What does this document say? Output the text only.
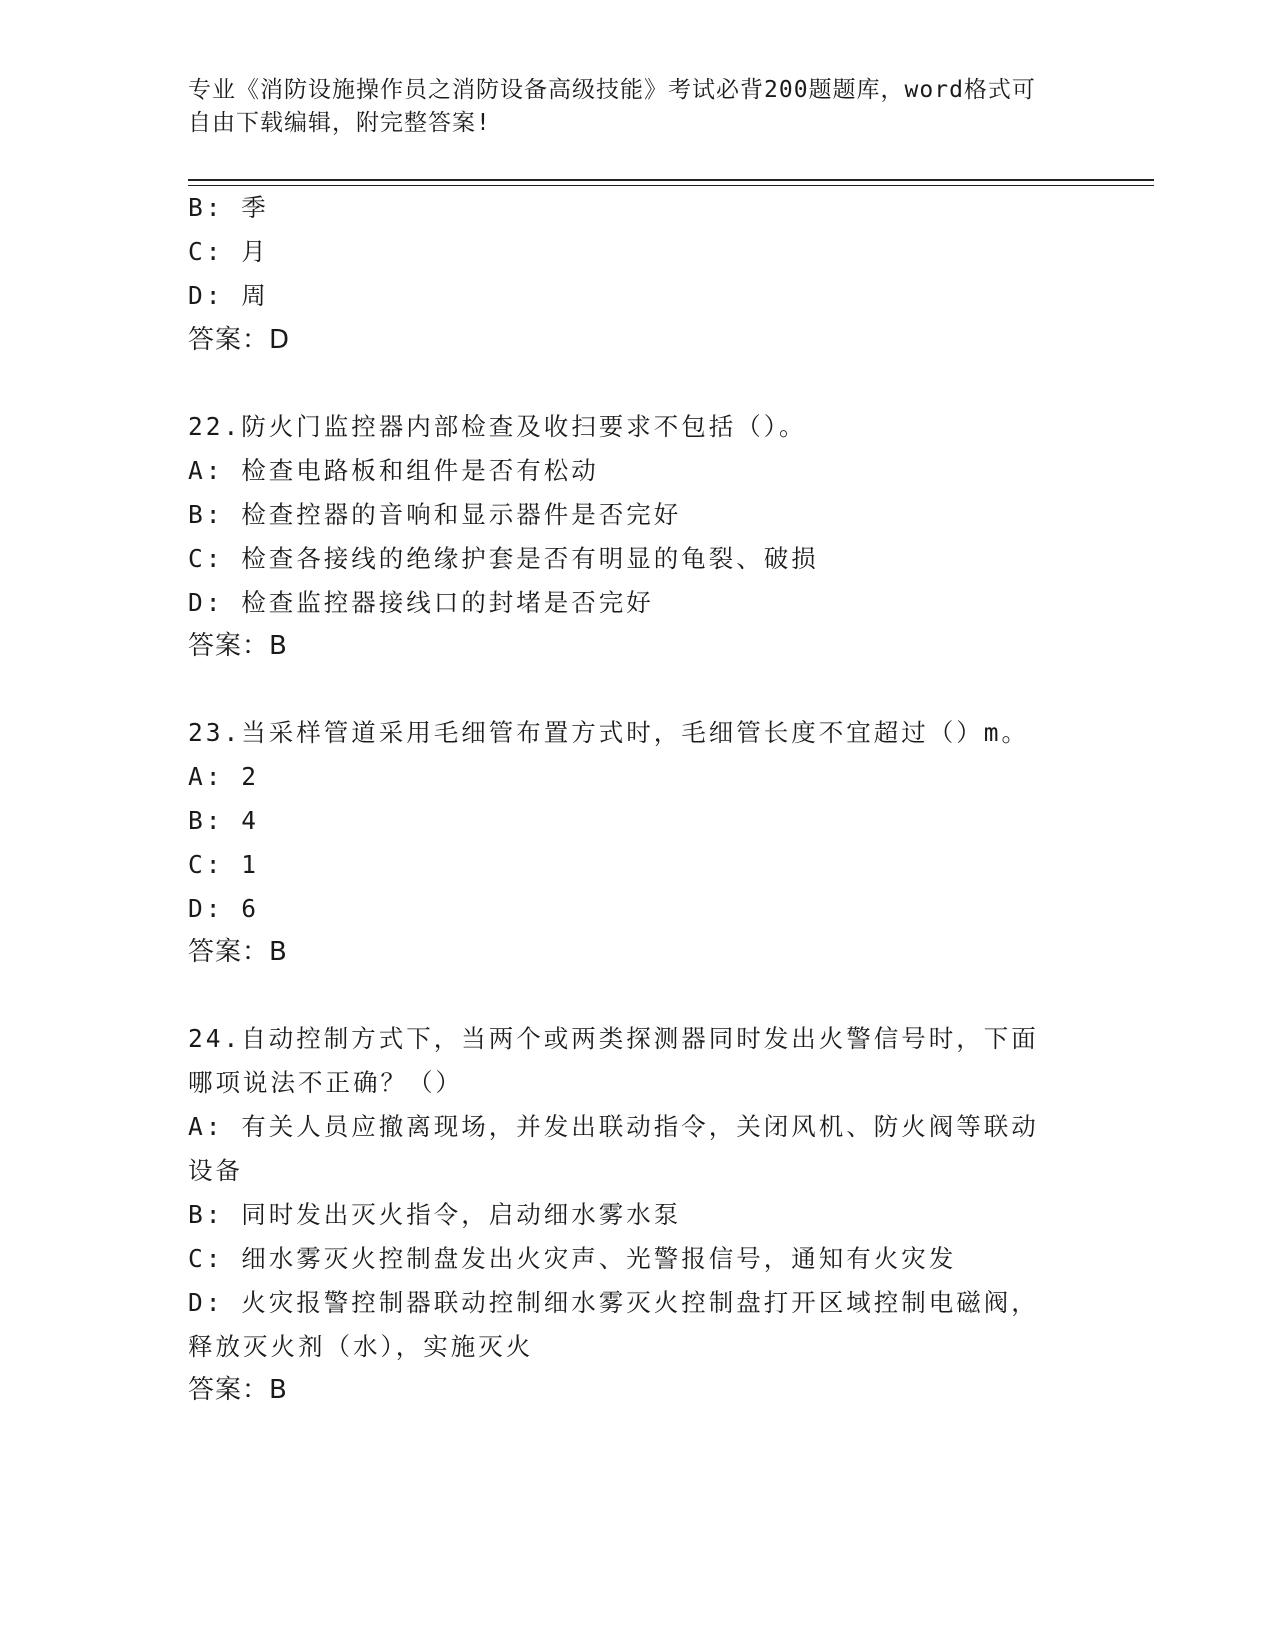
专业《消防设施操作员之消防设备高级技能》考试必背200题题库，word格式可
自由下载编辑，附完整答案!
B: 季
C: 月
D: 周
答案：D
22.防火门监控器内部检查及收扫要求不包括（）。
A: 检查电路板和组件是否有松动
B: 检查控器的音响和显示器件是否完好
C: 检查各接线的绝缘护套是否有明显的龟裂、破损
D: 检查监控器接线口的封堵是否完好
答案：B
23.当采样管道采用毛细管布置方式时，毛细管长度不宜超过（）m。
A: 2
B: 4
C: 1
D: 6
答案：B
24.自动控制方式下，当两个或两类探测器同时发出火警信号时，下面
哪项说法不正确？（）
A: 有关人员应撤离现场，并发出联动指令，关闭风机、防火阀等联动
设备
B: 同时发出灭火指令，启动细水雾水泵
C: 细水雾灭火控制盘发出火灾声、光警报信号，通知有火灾发
D: 火灾报警控制器联动控制细水雾灭火控制盘打开区域控制电磁阀，
释放灭火剂（水），实施灭火
答案：B
